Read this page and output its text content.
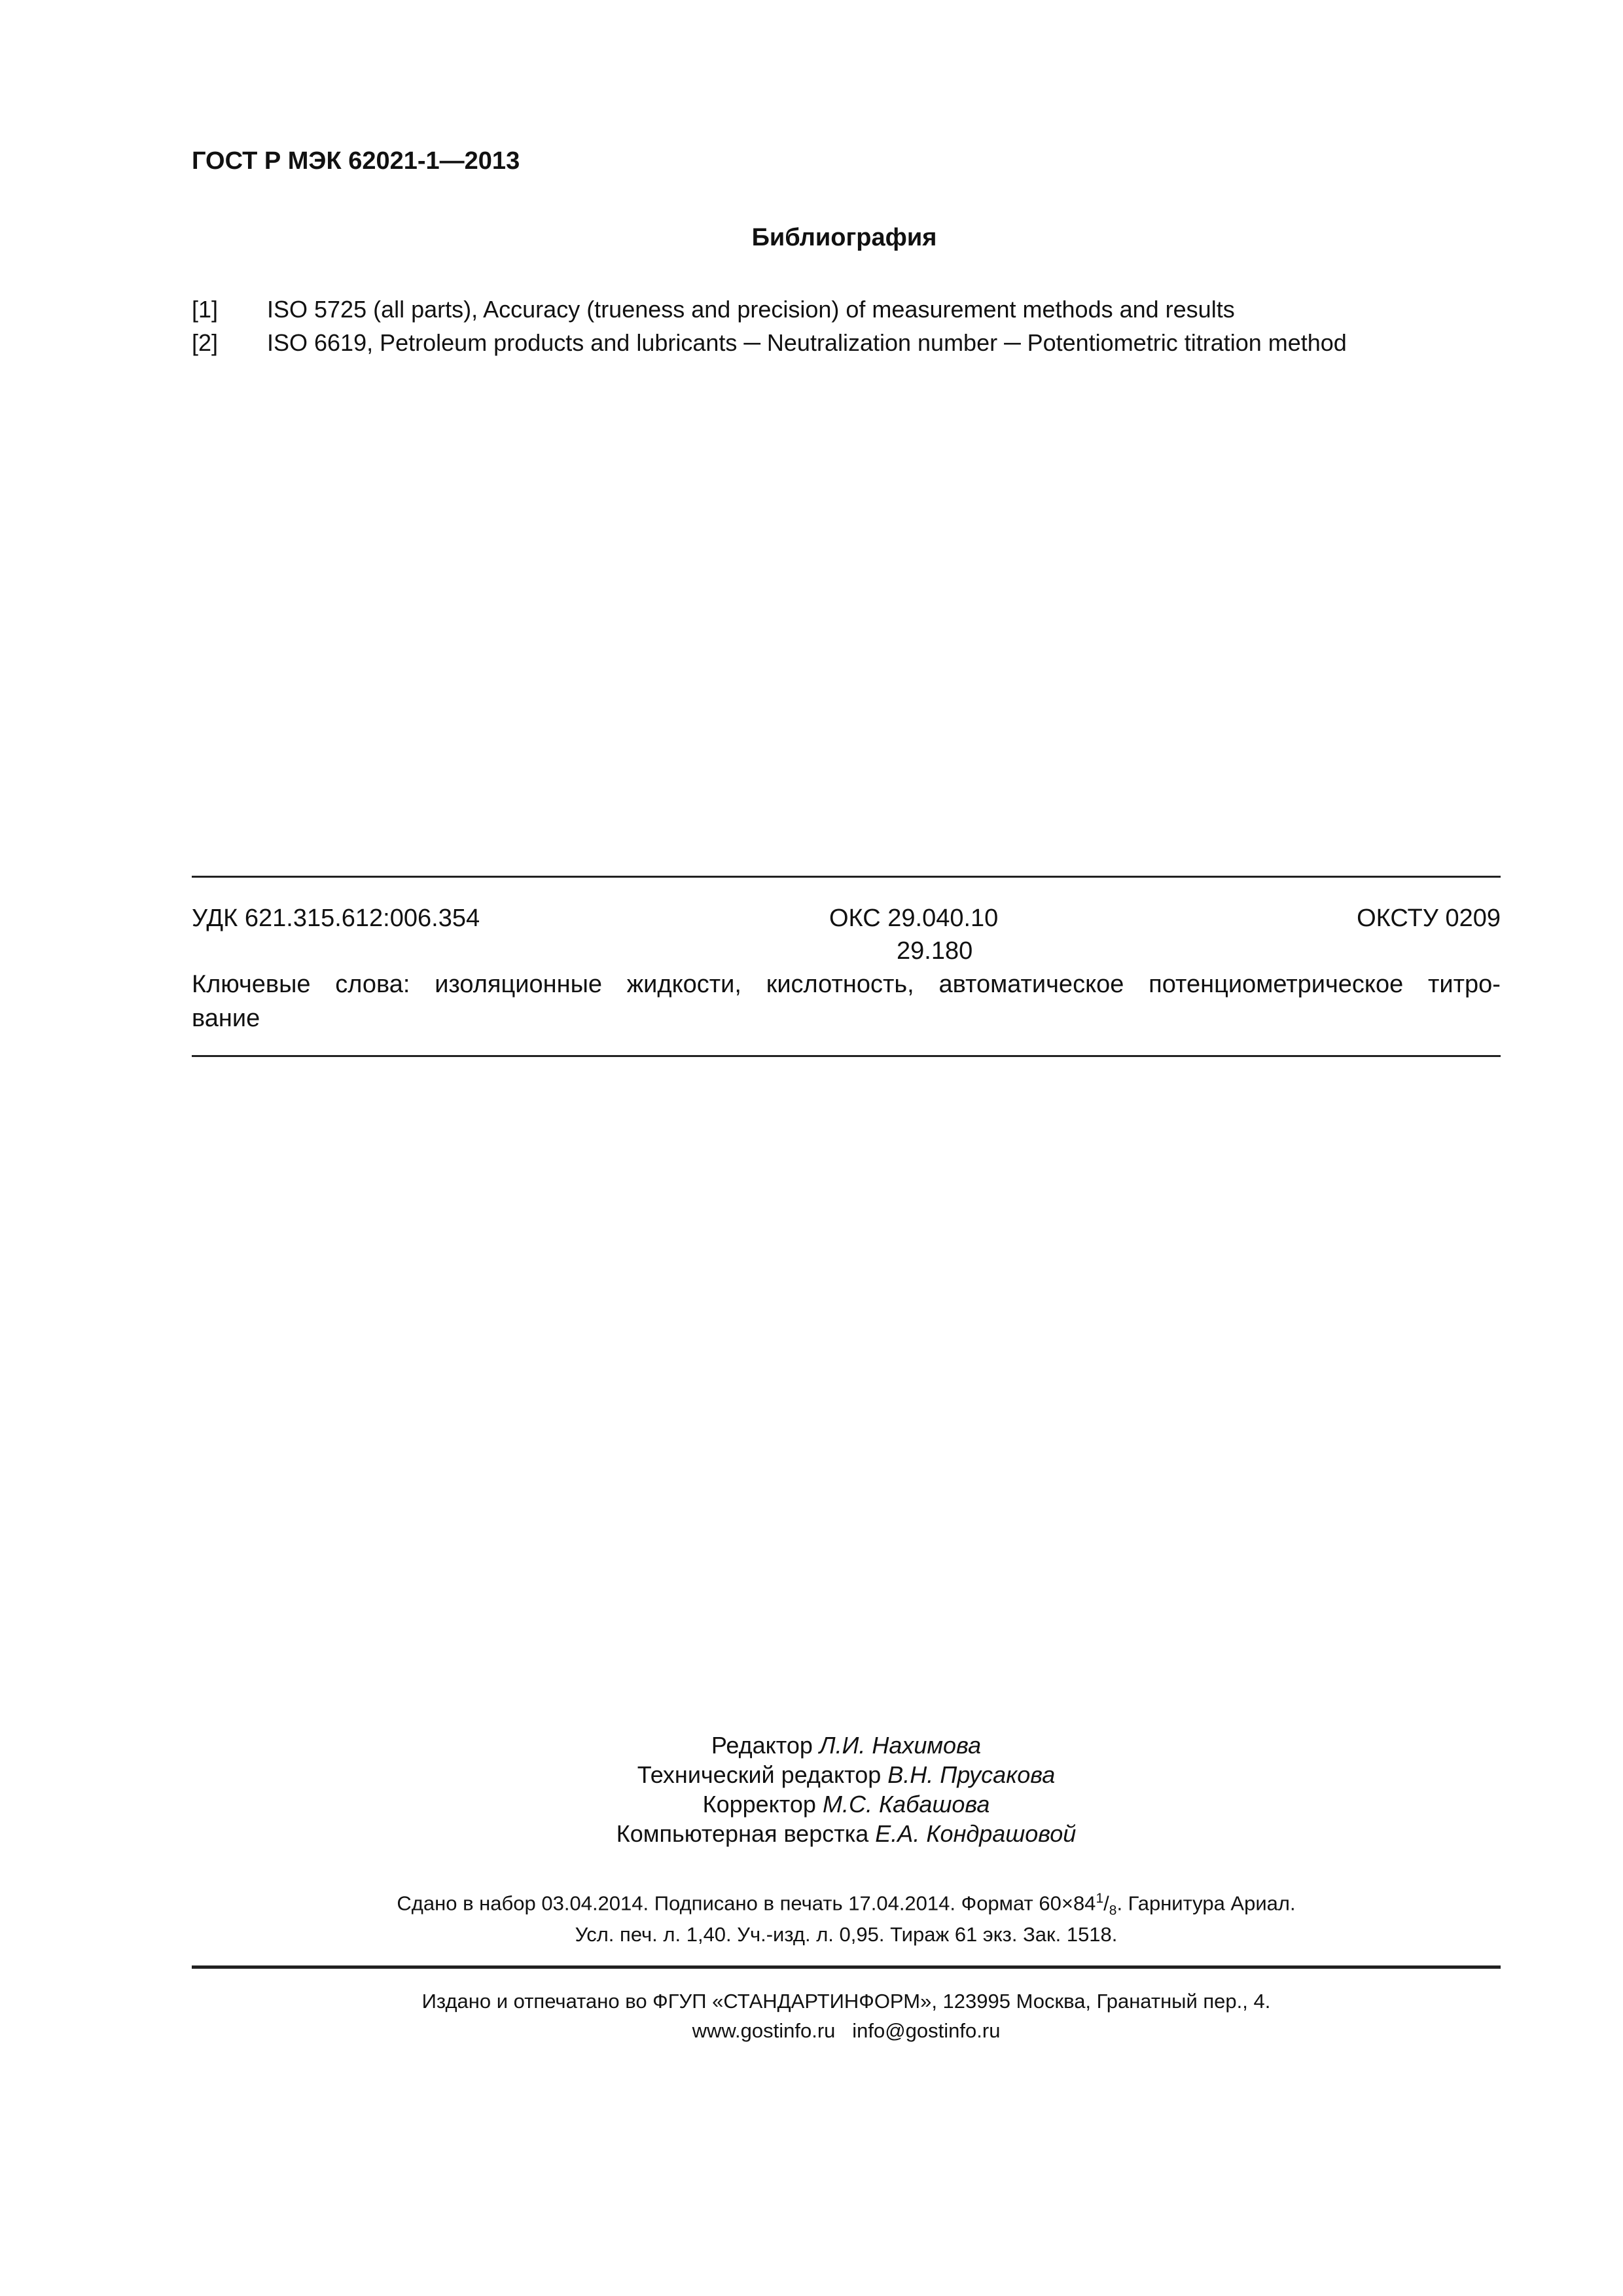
ГОСТ Р МЭК 62021-1—2013
Библиография
[1] ISO 5725 (all parts), Accuracy (trueness and precision) of measurement methods and results
[2] ISO 6619, Petroleum products and lubricants ─ Neutralization number ─ Potentiometric titration method
УДК 621.315.612:006.354	ОКС 29.040.10
29.180
ОКСТУ 0209
Ключевые слова: изоляционные жидкости, кислотность, автоматическое потенциометрическое титро-
вание
Редактор Л.И. Нахимова
Технический редактор В.Н. Прусакова
Корректор М.С. Кабашова
Компьютерная верстка Е.А. Кондрашовой
Сдано в набор 03.04.2014. Подписано в печать 17.04.2014. Формат $60\times 84^1/_8$. Гарнитура Ариал.
Усл. печ. л. 1,40. Уч.-изд. л. 0,95. Тираж 61 экз. Зак. 1518.
Издано и отпечатано во ФГУП «СТАНДАРТИНФОРМ», 123995 Москва, Гранатный пер., 4.
www.gostinfo.ru info@gostinfo.ru
